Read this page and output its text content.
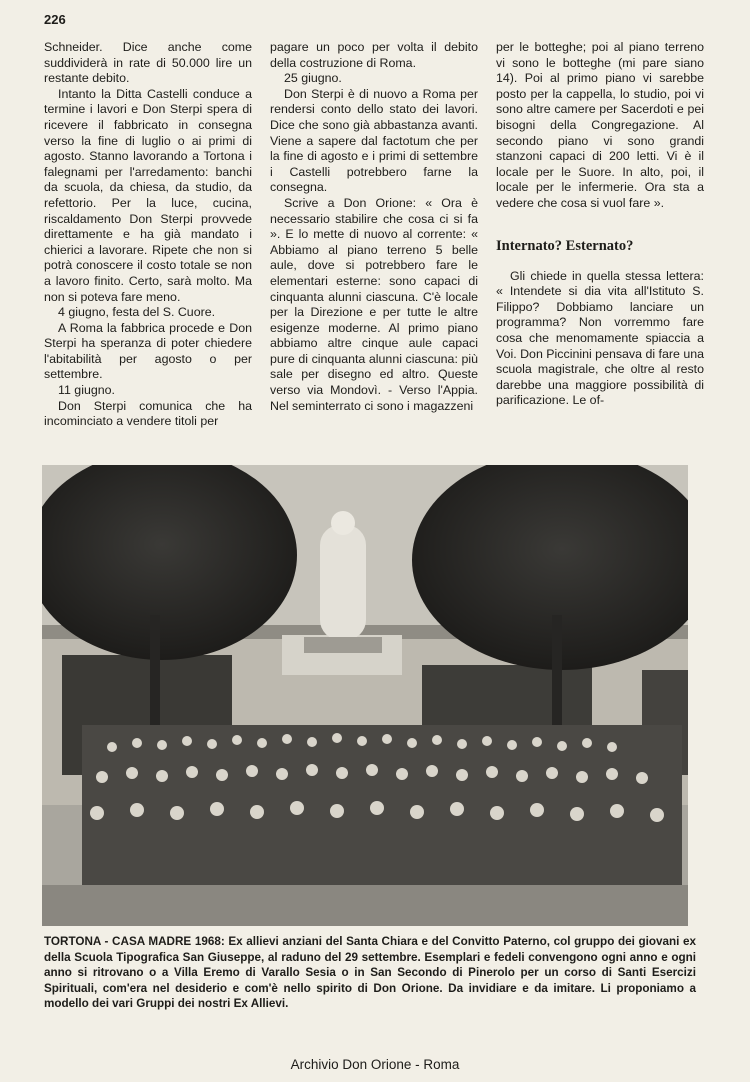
226

Schneider. Dice anche come suddividerà in rate di 50.000 lire un restante debito.

Intanto la Ditta Castelli conduce a termine i lavori e Don Sterpi spera di ricevere il fabbricato in consegna verso la fine di luglio o ai primi di agosto. Stanno lavorando a Tortona i falegnami per l'arredamento: banchi da scuola, da chiesa, da studio, da refettorio. Per la luce, cucina, riscaldamento Don Sterpi provvede direttamente e ha già mandato i chierici a lavorare. Ripete che non si potrà conoscere il costo totale se non a lavoro finito. Certo, sarà molto. Ma non si poteva fare meno.

4 giugno, festa del S. Cuore.

A Roma la fabbrica procede e Don Sterpi ha speranza di poter chiedere l'abitabilità per agosto o per settembre.

11 giugno.

Don Sterpi comunica che ha incominciato a vendere titoli per

pagare un poco per volta il debito della costruzione di Roma.

25 giugno.

Don Sterpi è di nuovo a Roma per rendersi conto dello stato dei lavori. Dice che sono già abbastanza avanti. Viene a sapere dal factotum che per la fine di agosto e i primi di settembre i Castelli potrebbero farne la consegna.

Scrive a Don Orione: « Ora è necessario stabilire che cosa ci si fa ». E lo mette di nuovo al corrente: « Abbiamo al piano terreno 5 belle aule, dove si potrebbero fare le elementari esterne: sono capaci di cinquanta alunni ciascuna. C'è locale per la Direzione e per tutte le altre esigenze moderne. Al primo piano abbiamo altre cinque aule capaci pure di cinquanta alunni ciascuna: più sale per disegno ed altro. Queste verso via Mondovì. - Verso l'Appia. Nel seminterrato ci sono i magazzeni

per le botteghe; poi al piano terreno vi sono le botteghe (mi pare siano 14). Poi al primo piano vi sarebbe posto per la cappella, lo studio, poi vi sono altre camere per Sacerdoti e pei bisogni della Congregazione. Al secondo piano vi sono grandi stanzoni capaci di 200 letti. Vi è il locale per le Suore. In alto, poi, il locale per le infermerie. Ora sta a vedere che cosa si vuol fare ».

Internato? Esternato?

Gli chiede in quella stessa lettera: « Intendete si dia vita all'Istituto S. Filippo? Dobbiamo lanciare un programma? Non vorremmo fare cosa che menomamente spiaccia a Voi. Don Piccinini pensava di fare una scuola magistrale, che oltre al resto darebbe una maggiore possibilità di parificazione. Le of-

TORTONA - CASA MADRE 1968: Ex allievi anziani del Santa Chiara e del Convitto Paterno, col gruppo dei giovani ex della Scuola Tipografica San Giuseppe, al raduno del 29 settembre. Esemplari e fedeli convengono ogni anno e ogni anno si ritrovano o a Villa Eremo di Varallo Sesia o in San Secondo di Pinerolo per un corso di Santi Esercizi Spirituali, com'era nel desiderio e com'è nello spirito di Don Orione. Da invidiare e da imitare. Li proponiamo a modello dei vari Gruppi dei nostri Ex Allievi.

Archivio Don Orione - Roma
